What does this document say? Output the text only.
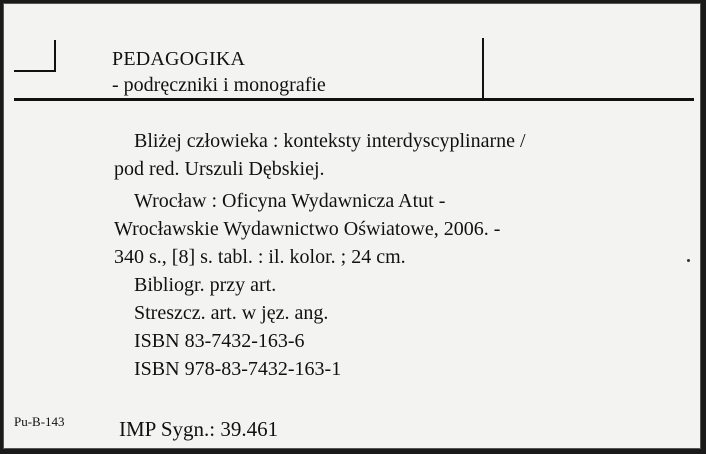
PEDAGOGIKA
- podręczniki i monografie
Bliżej człowieka : konteksty interdyscyplinarne /
pod red. Urszuli Dębskiej.
Wrocław : Oficyna Wydawnicza Atut -
Wrocławskie Wydawnictwo Oświatowe, 2006. -
340 s., [8] s. tabl. : il. kolor. ; 24 cm.
Bibliogr. przy art.
Streszcz. art. w jęz. ang.
ISBN 83-7432-163-6
ISBN 978-83-7432-163-1
Pu-B-143	IMP Sygn.: 39.461
